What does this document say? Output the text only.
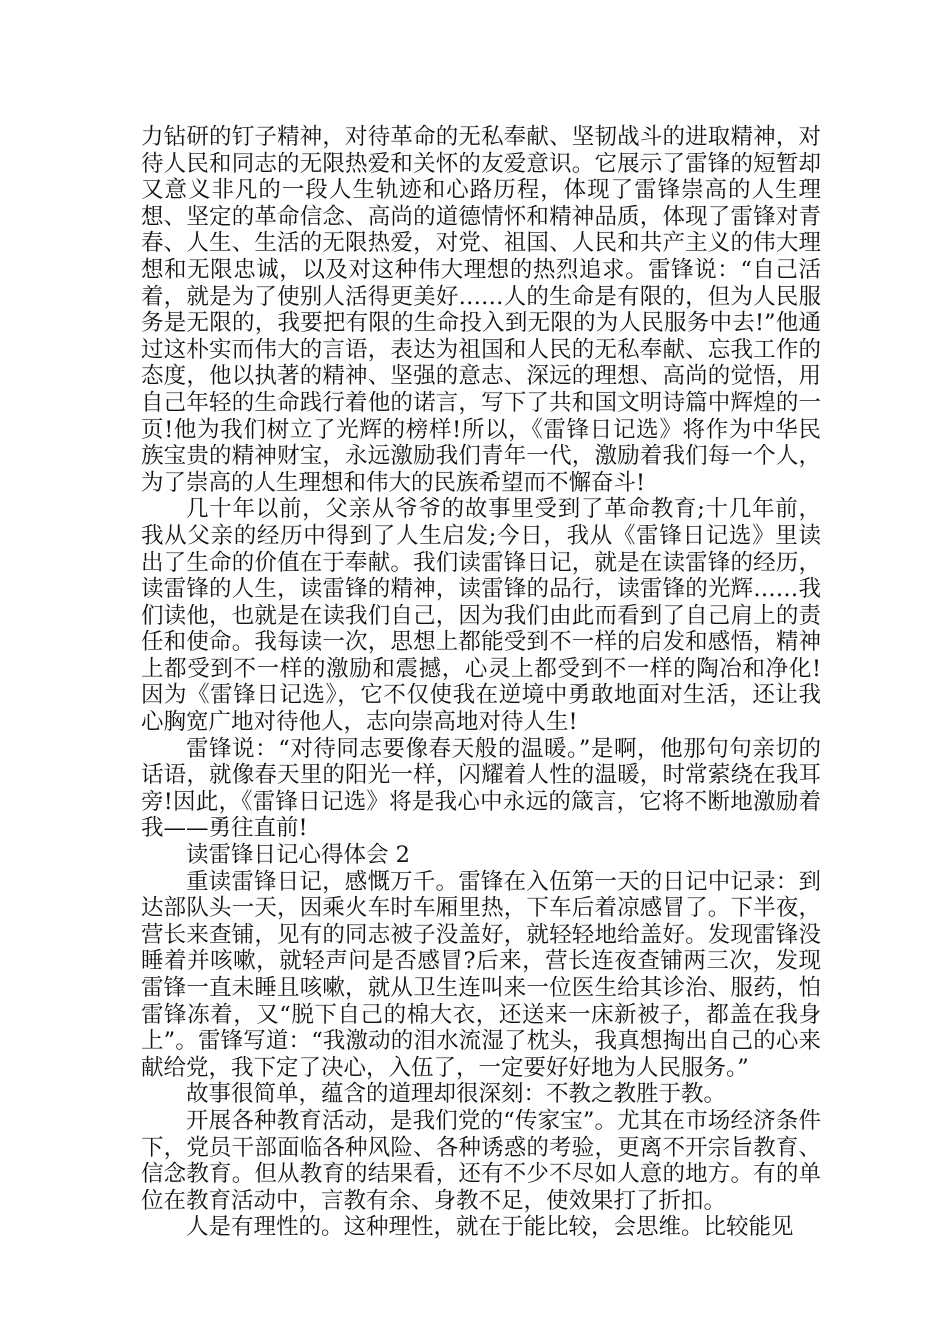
力钻研的钉子精神，对待革命的无私奉献、坚韧战斗的进取精神，对待人民和同志的无限热爱和关怀的友爱意识。它展示了雷锋的短暂却又意义非凡的一段人生轨迹和心路历程，体现了雷锋崇高的人生理想、坚定的革命信念、高尚的道德情怀和精神品质，体现了雷锋对青春、人生、生活的无限热爱，对党、祖国、人民和共产主义的伟大理想和无限忠诚，以及对这种伟大理想的热烈追求。雷锋说：“自己活着，就是为了使别人活得更美好……人的生命是有限的，但为人民服务是无限的，我要把有限的生命投入到无限的为人民服务中去!”他通过这朴实而伟大的言语，表达为祖国和人民的无私奉献、忘我工作的态度，他以执著的精神、坚强的意志、深远的理想、高尚的觉悟，用自己年轻的生命践行着他的诺言，写下了共和国文明诗篇中辉煌的一页!他为我们树立了光辉的榜样!所以，《雷锋日记选》将作为中华民族宝贵的精神财宝，永远激励我们青年一代，激励着我们每一个人，为了崇高的人生理想和伟大的民族希望而不懈奋斗!

几十年以前，父亲从爷爷的故事里受到了革命教育;十几年前，我从父亲的经历中得到了人生启发;今日，我从《雷锋日记选》里读出了生命的价值在于奉献。我们读雷锋日记，就是在读雷锋的经历，读雷锋的人生，读雷锋的精神，读雷锋的品行，读雷锋的光辉……我们读他，也就是在读我们自己，因为我们由此而看到了自己肩上的责任和使命。我每读一次，思想上都能受到不一样的启发和感悟，精神上都受到不一样的激励和震撼，心灵上都受到不一样的陶冶和净化!因为《雷锋日记选》，它不仅使我在逆境中勇敢地面对生活，还让我心胸宽广地对待他人，志向崇高地对待人生!

雷锋说：“对待同志要像春天般的温暖。”是啊，他那句句亲切的话语，就像春天里的阳光一样，闪耀着人性的温暖，时常萦绕在我耳旁!因此，《雷锋日记选》将是我心中永远的箴言，它将不断地激励着我——勇往直前!

读雷锋日记心得体会 2

重读雷锋日记，感慨万千。雷锋在入伍第一天的日记中记录：到达部队头一天，因乘火车时车厢里热，下车后着凉感冒了。下半夜，营长来查铺，见有的同志被子没盖好，就轻轻地给盖好。发现雷锋没睡着并咳嗽，就轻声问是否感冒?后来，营长连夜查铺两三次，发现雷锋一直未睡且咳嗽，就从卫生连叫来一位医生给其诊治、服药，怕雷锋冻着，又“脱下自己的棉大衣，还送来一床新被子，都盖在我身上”。雷锋写道：“我激动的泪水流湿了枕头，我真想掏出自己的心来献给党，我下定了决心，入伍了，一定要好好地为人民服务。”

故事很简单，蕴含的道理却很深刻：不教之教胜于教。

开展各种教育活动，是我们党的“传家宝”。尤其在市场经济条件下，党员干部面临各种风险、各种诱惑的考验，更离不开宗旨教育、信念教育。但从教育的结果看，还有不少不尽如人意的地方。有的单位在教育活动中，言教有余、身教不足，使效果打了折扣。

人是有理性的。这种理性，就在于能比较，会思维。比较能见
